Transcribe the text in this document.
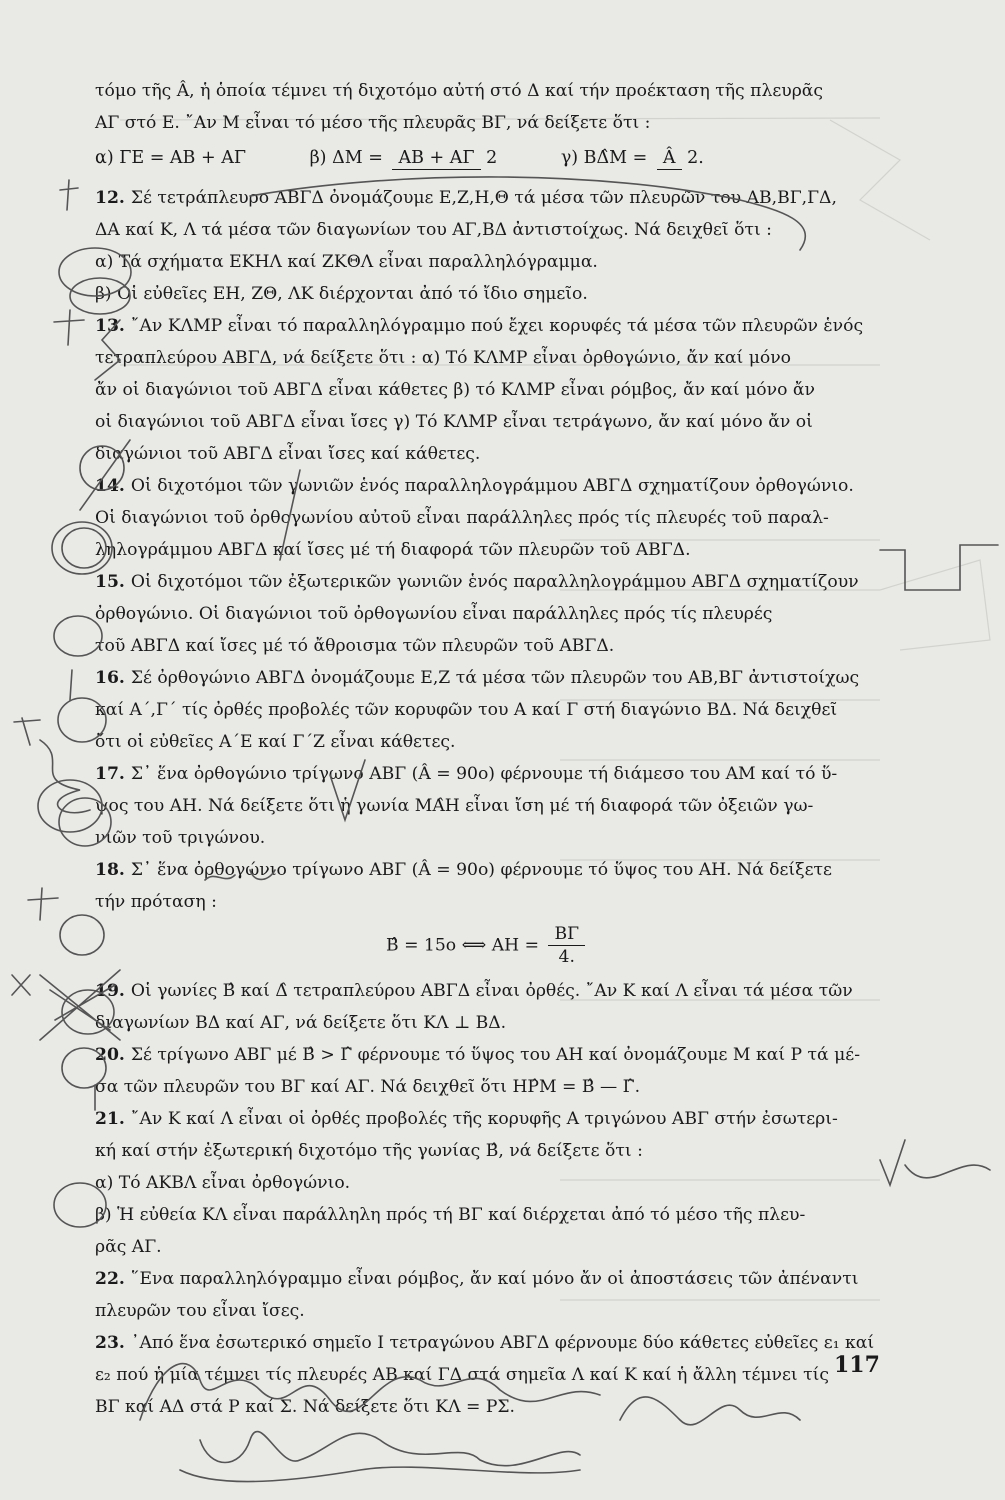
τόμο τῆς Â, ἡ ὁποία τέμνει τή διχοτόμο αὐτή στό Δ καί τήν προέκταση τῆς πλευρᾶς
ΑΓ στό Ε. ῎Αν Μ εἶναι τό μέσο τῆς πλευρᾶς ΒΓ, νά δείξετε ὅτι :
α) ΓΕ = ΑΒ + ΑΓ	β) ΔΜ = ΑΒ + ΑΓ 2	γ) ΒΔ̂Μ = Â 2.
12. Σέ τετράπλευρο ΑΒΓΔ ὀνομάζουμε Ε,Ζ,Η,Θ τά μέσα τῶν πλευρῶν του ΑΒ,ΒΓ,ΓΔ,
ΔΑ καί Κ, Λ τά μέσα τῶν διαγωνίων του ΑΓ,ΒΔ ἀντιστοίχως. Νά δειχθεῖ ὅτι :
α) Τά σχήματα ΕΚΗΛ καί ΖΚΘΛ εἶναι παραλληλόγραμμα.
β) Οἱ εὐθεῖες ΕΗ, ΖΘ, ΛΚ διέρχονται ἀπό τό ἴδιο σημεῖο.
13. ῎Αν ΚΛΜΡ εἶναι τό παραλληλόγραμμο πού ἔχει κορυφές τά μέσα τῶν πλευρῶν ἑνός
τετραπλεύρου ΑΒΓΔ, νά δείξετε ὅτι : α) Τό ΚΛΜΡ εἶναι ὀρθογώνιο, ἄν καί μόνο
ἄν οἱ διαγώνιοι τοῦ ΑΒΓΔ εἶναι κάθετες β) τό ΚΛΜΡ εἶναι ρόμβος, ἄν καί μόνο ἄν
οἱ διαγώνιοι τοῦ ΑΒΓΔ εἶναι ἴσες γ) Τό ΚΛΜΡ εἶναι τετράγωνο, ἄν καί μόνο ἄν οἱ
διαγώνιοι τοῦ ΑΒΓΔ εἶναι ἴσες καί κάθετες.
14. Οἱ διχοτόμοι τῶν γωνιῶν ἑνός παραλληλογράμμου ΑΒΓΔ σχηματίζουν ὀρθογώνιο.
Οἱ διαγώνιοι τοῦ ὀρθογωνίου αὐτοῦ εἶναι παράλληλες πρός τίς πλευρές τοῦ παραλ-
ληλογράμμου ΑΒΓΔ καί ἴσες μέ τή διαφορά τῶν πλευρῶν τοῦ ΑΒΓΔ.
15. Οἱ διχοτόμοι τῶν ἐξωτερικῶν γωνιῶν ἑνός παραλληλογράμμου ΑΒΓΔ σχηματίζουν
ὀρθογώνιο. Οἱ διαγώνιοι τοῦ ὀρθογωνίου εἶναι παράλληλες πρός τίς πλευρές
τοῦ ΑΒΓΔ καί ἴσες μέ τό ἄθροισμα τῶν πλευρῶν τοῦ ΑΒΓΔ.
16. Σέ ὀρθογώνιο ΑΒΓΔ ὀνομάζουμε Ε,Ζ τά μέσα τῶν πλευρῶν του ΑΒ,ΒΓ ἀντιστοίχως
καί Α΄,Γ΄ τίς ὀρθές προβολές τῶν κορυφῶν του Α καί Γ στή διαγώνιο ΒΔ. Νά δειχθεῖ
ὅτι οἱ εὐθεῖες Α΄Ε καί Γ΄Ζ εἶναι κάθετες.
17. Σ᾽ ἕνα ὀρθογώνιο τρίγωνο ΑΒΓ (Â = 90ο) φέρνουμε τή διάμεσο του ΑΜ καί τό ὕ-
ψος του ΑΗ. Νά δείξετε ὅτι ἡ γωνία ΜΑ̂Η εἶναι ἴση μέ τή διαφορά τῶν ὀξειῶν γω-
νιῶν τοῦ τριγώνου.
18. Σ᾽ ἕνα ὀρθογώνιο τρίγωνο ΑΒΓ (Â = 90ο) φέρνουμε τό ὕψος του ΑΗ. Νά δείξετε
τήν πρόταση :
Β̂ = 15ο ⟺ $AH = \frac{B\Gamma}{4.}$
19. Οἱ γωνίες Β̂ καί Δ̂ τετραπλεύρου ΑΒΓΔ εἶναι ὀρθές. ῎Αν Κ καί Λ εἶναι τά μέσα τῶν
διαγωνίων ΒΔ καί ΑΓ, νά δείξετε ὅτι ΚΛ ⊥ ΒΔ.
20. Σέ τρίγωνο ΑΒΓ μέ Β̂ > Γ̂ φέρνουμε τό ὕψος του ΑΗ καί ὀνομάζουμε Μ καί Ρ τά μέ-
σα τῶν πλευρῶν του ΒΓ καί ΑΓ. Νά δειχθεῖ ὅτι ΗΡ̂Μ = Β̂ — Γ̂.
21. ῎Αν Κ καί Λ εἶναι οἱ ὀρθές προβολές τῆς κορυφῆς Α τριγώνου ΑΒΓ στήν ἐσωτερι-
κή καί στήν ἐξωτερική διχοτόμο τῆς γωνίας Β̂, νά δείξετε ὅτι :
α) Τό ΑΚΒΛ εἶναι ὀρθογώνιο.
β) Ἡ εὐθεία ΚΛ εἶναι παράλληλη πρός τή ΒΓ καί διέρχεται ἀπό τό μέσο τῆς πλευ-
ρᾶς ΑΓ.
22. ῞Ενα παραλληλόγραμμο εἶναι ρόμβος, ἄν καί μόνο ἄν οἱ ἀποστάσεις τῶν ἀπέναντι
πλευρῶν του εἶναι ἴσες.
23. ᾽Από ἕνα ἐσωτερικό σημεῖο Ι τετραγώνου ΑΒΓΔ φέρνουμε δύο κάθετες εὐθεῖες ε₁ καί
ε₂ πού ἡ μία τέμνει τίς πλευρές ΑΒ καί ΓΔ στά σημεῖα Λ καί Κ καί ἡ ἄλλη τέμνει τίς
ΒΓ καί ΑΔ στά Ρ καί Σ. Νά δείξετε ὅτι ΚΛ = ΡΣ.
117
